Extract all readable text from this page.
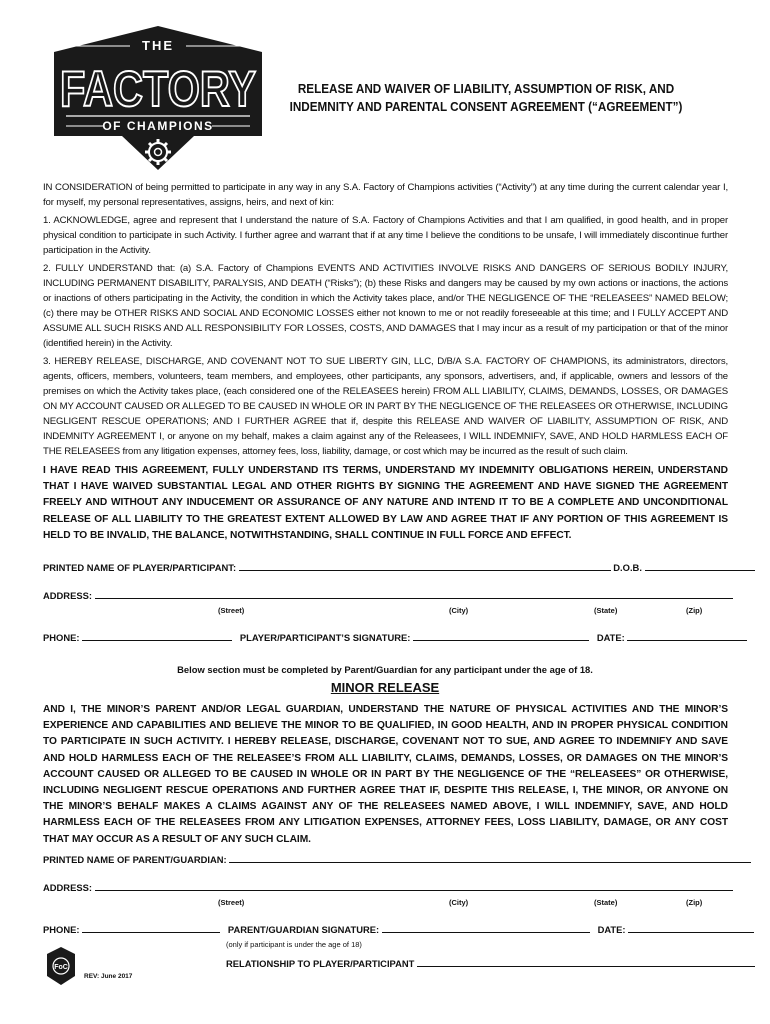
THE
FACTORY
OF CHAMPIONS
RELEASE AND WAIVER OF LIABILITY, ASSUMPTION OF RISK, AND
INDEMNITY AND PARENTAL CONSENT AGREEMENT (“AGREEMENT”)

IN CONSIDERATION of being permitted to participate in any way in any S.A. Factory of Champions activities (“Activity”) at any time during the current calendar year I, for myself, my personal representatives, assigns, heirs, and next of kin:

1. ACKNOWLEDGE, agree and represent that I understand the nature of S.A. Factory of Champions Activities and that I am qualified, in good health, and in proper physical condition to participate in such Activity. I further agree and warrant that if at any time I believe the conditions to be unsafe, I will immediately discontinue further participation in the Activity.

2. FULLY UNDERSTAND that: (a) S.A. Factory of Champions EVENTS AND ACTIVITIES INVOLVE RISKS AND DANGERS OF SERIOUS BODILY INJURY, INCLUDING PERMANENT DISABILITY, PARALYSIS, AND DEATH (“Risks”); (b) these Risks and dangers may be caused by my own actions or inactions, the actions or inactions of others participating in the Activity, the condition in which the Activity takes place, and/or THE NEGLIGENCE OF THE “RELEASEES” NAMED BELOW; (c) there may be OTHER RISKS AND SOCIAL AND ECONOMIC LOSSES either not known to me or not readily foreseeable at this time; and I FULLY ACCEPT AND ASSUME ALL SUCH RISKS AND ALL RESPONSIBILITY FOR LOSSES, COSTS, AND DAMAGES that I may incur as a result of my participation or that of the minor (identified herein) in the Activity.

3. HEREBY RELEASE, DISCHARGE, AND COVENANT NOT TO SUE LIBERTY GIN, LLC, D/B/A S.A. FACTORY OF CHAMPIONS, its administrators, directors, agents, officers, members, volunteers, team members, and employees, other participants, any sponsors, advertisers, and, if applicable, owners and lessors of the premises on which the Activity takes place, (each considered one of the RELEASEES herein) FROM ALL LIABILITY, CLAIMS, DEMANDS, LOSSES, OR DAMAGES ON MY ACCOUNT CAUSED OR ALLEGED TO BE CAUSED IN WHOLE OR IN PART BY THE NEGLIGENCE OF THE RELEASEES OR OTHERWISE, INCLUDING NEGLIGENT RESCUE OPERATIONS; AND I FURTHER AGREE that if, despite this RELEASE AND WAIVER OF LIABILITY, ASSUMPTION OF RISK, AND INDEMNITY AGREEMENT I, or anyone on my behalf, makes a claim against any of the Releasees, I WILL INDEMNIFY, SAVE, AND HOLD HARMLESS EACH OF THE RELEASEES from any litigation expenses, attorney fees, loss, liability, damage, or cost which may be incurred as the result of such claim.

I HAVE READ THIS AGREEMENT, FULLY UNDERSTAND ITS TERMS, UNDERSTAND MY INDEMNITY OBLIGATIONS HEREIN, UNDERSTAND THAT I HAVE WAIVED SUBSTANTIAL LEGAL AND OTHER RIGHTS BY SIGNING THE AGREEMENT AND HAVE SIGNED THE AGREEMENT FREELY AND WITHOUT ANY INDUCEMENT OR ASSURANCE OF ANY NATURE AND INTEND IT TO BE A COMPLETE AND UNCONDITIONAL RELEASE OF ALL LIABILITY TO THE GREATEST EXTENT ALLOWED BY LAW AND AGREE THAT IF ANY PORTION OF THIS AGREEMENT IS HELD TO BE INVALID, THE BALANCE, NOTWITHSTANDING, SHALL CONTINUE IN FULL FORCE AND EFFECT.

PRINTED NAME OF PLAYER/PARTICIPANT:	D.O.B.
ADDRESS:
(Street)	(City)	(State)	(Zip)
PHONE:	PLAYER/PARTICIPANT’S SIGNATURE:	DATE:
Below section must be completed by Parent/Guardian for any participant under the age of 18.
MINOR RELEASE

AND I, THE MINOR’S PARENT AND/OR LEGAL GUARDIAN, UNDERSTAND THE NATURE OF PHYSICAL ACTIVITIES AND THE MINOR’S EXPERIENCE AND CAPABILITIES AND BELIEVE THE MINOR TO BE QUALIFIED, IN GOOD HEALTH, AND IN PROPER PHYSICAL CONDITION TO PARTICIPATE IN SUCH ACTIVITY. I HEREBY RELEASE, DISCHARGE, COVENANT NOT TO SUE, AND AGREE TO INDEMNIFY AND SAVE AND HOLD HARMLESS EACH OF THE RELEASEE’S FROM ALL LIABILITY, CLAIMS, DEMANDS, LOSSES, OR DAMAGES ON THE MINOR’S ACCOUNT CAUSED OR ALLEGED TO BE CAUSED IN WHOLE OR IN PART BY THE NEGLIGENCE OF THE “RELEASEES” OR OTHERWISE, INCLUDING NEGLIGENT RESCUE OPERATIONS AND FURTHER AGREE THAT IF, DESPITE THIS RELEASE, I, THE MINOR, OR ANYONE ON THE MINOR’S BEHALF MAKES A CLAIMS AGAINST ANY OF THE RELEASEES NAMED ABOVE, I WILL INDEMNIFY, SAVE, AND HOLD HARMLESS EACH OF THE RELEASEES FROM ANY LITIGATION EXPENSES, ATTORNEY FEES, LOSS LIABILITY, DAMAGE, OR ANY COST THAT MAY OCCUR AS A RESULT OF ANY SUCH CLAIM.

PRINTED NAME OF PARENT/GUARDIAN:
ADDRESS:
(Street)	(City)	(State)	(Zip)
PHONE:	PARENT/GUARDIAN SIGNATURE:	DATE:
(only if participant is under the age of 18)
RELATIONSHIP TO PLAYER/PARTICIPANT
FoC
REV: June 2017
